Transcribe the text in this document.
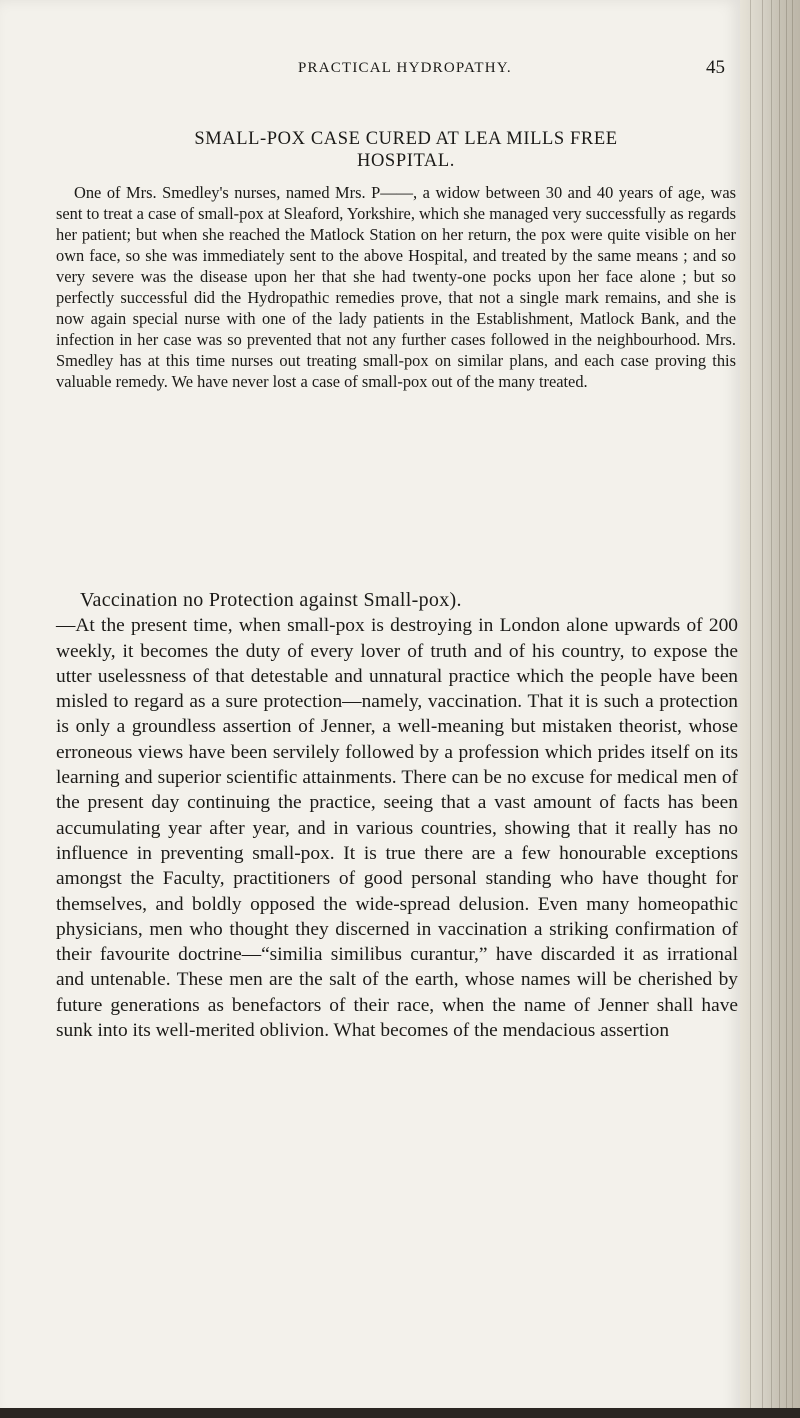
PRACTICAL HYDROPATHY.	45
SMALL-POX CASE CURED AT LEA MILLS FREE
HOSPITAL.

One of Mrs. Smedley's nurses, named Mrs. P——, a widow between 30 and 40 years of age, was sent to treat a case of small-pox at Sleaford, Yorkshire, which she managed very successfully as regards her patient; but when she reached the Matlock Station on her return, the pox were quite visible on her own face, so she was immediately sent to the above Hospital, and treated by the same means ; and so very severe was the disease upon her that she had twenty-one pocks upon her face alone ; but so perfectly successful did the Hydropathic remedies prove, that not a single mark remains, and she is now again special nurse with one of the lady patients in the Establishment, Matlock Bank, and the infection in her case was so prevented that not any further cases followed in the neighbourhood. Mrs. Smedley has at this time nurses out treating small-pox on similar plans, and each case proving this valuable remedy. We have never lost a case of small-pox out of the many treated.

Vaccination no Protection against Small-pox).

—At the present time, when small-pox is destroying in London alone upwards of 200 weekly, it becomes the duty of every lover of truth and of his country, to expose the utter uselessness of that detestable and unnatural practice which the people have been misled to regard as a sure protection—namely, vaccination. That it is such a protection is only a groundless assertion of Jenner, a well-meaning but mistaken theorist, whose erroneous views have been servilely followed by a profession which prides itself on its learning and superior scientific attainments. There can be no excuse for medical men of the present day continuing the practice, seeing that a vast amount of facts has been accumulating year after year, and in various countries, showing that it really has no influence in preventing small-pox. It is true there are a few honourable exceptions amongst the Faculty, practitioners of good personal standing who have thought for themselves, and boldly opposed the wide-spread delusion. Even many homeopathic physicians, men who thought they discerned in vaccination a striking confirmation of their favourite doctrine—“similia similibus curantur,” have discarded it as irrational and untenable. These men are the salt of the earth, whose names will be cherished by future generations as benefactors of their race, when the name of Jenner shall have sunk into its well-merited oblivion. What becomes of the mendacious assertion
